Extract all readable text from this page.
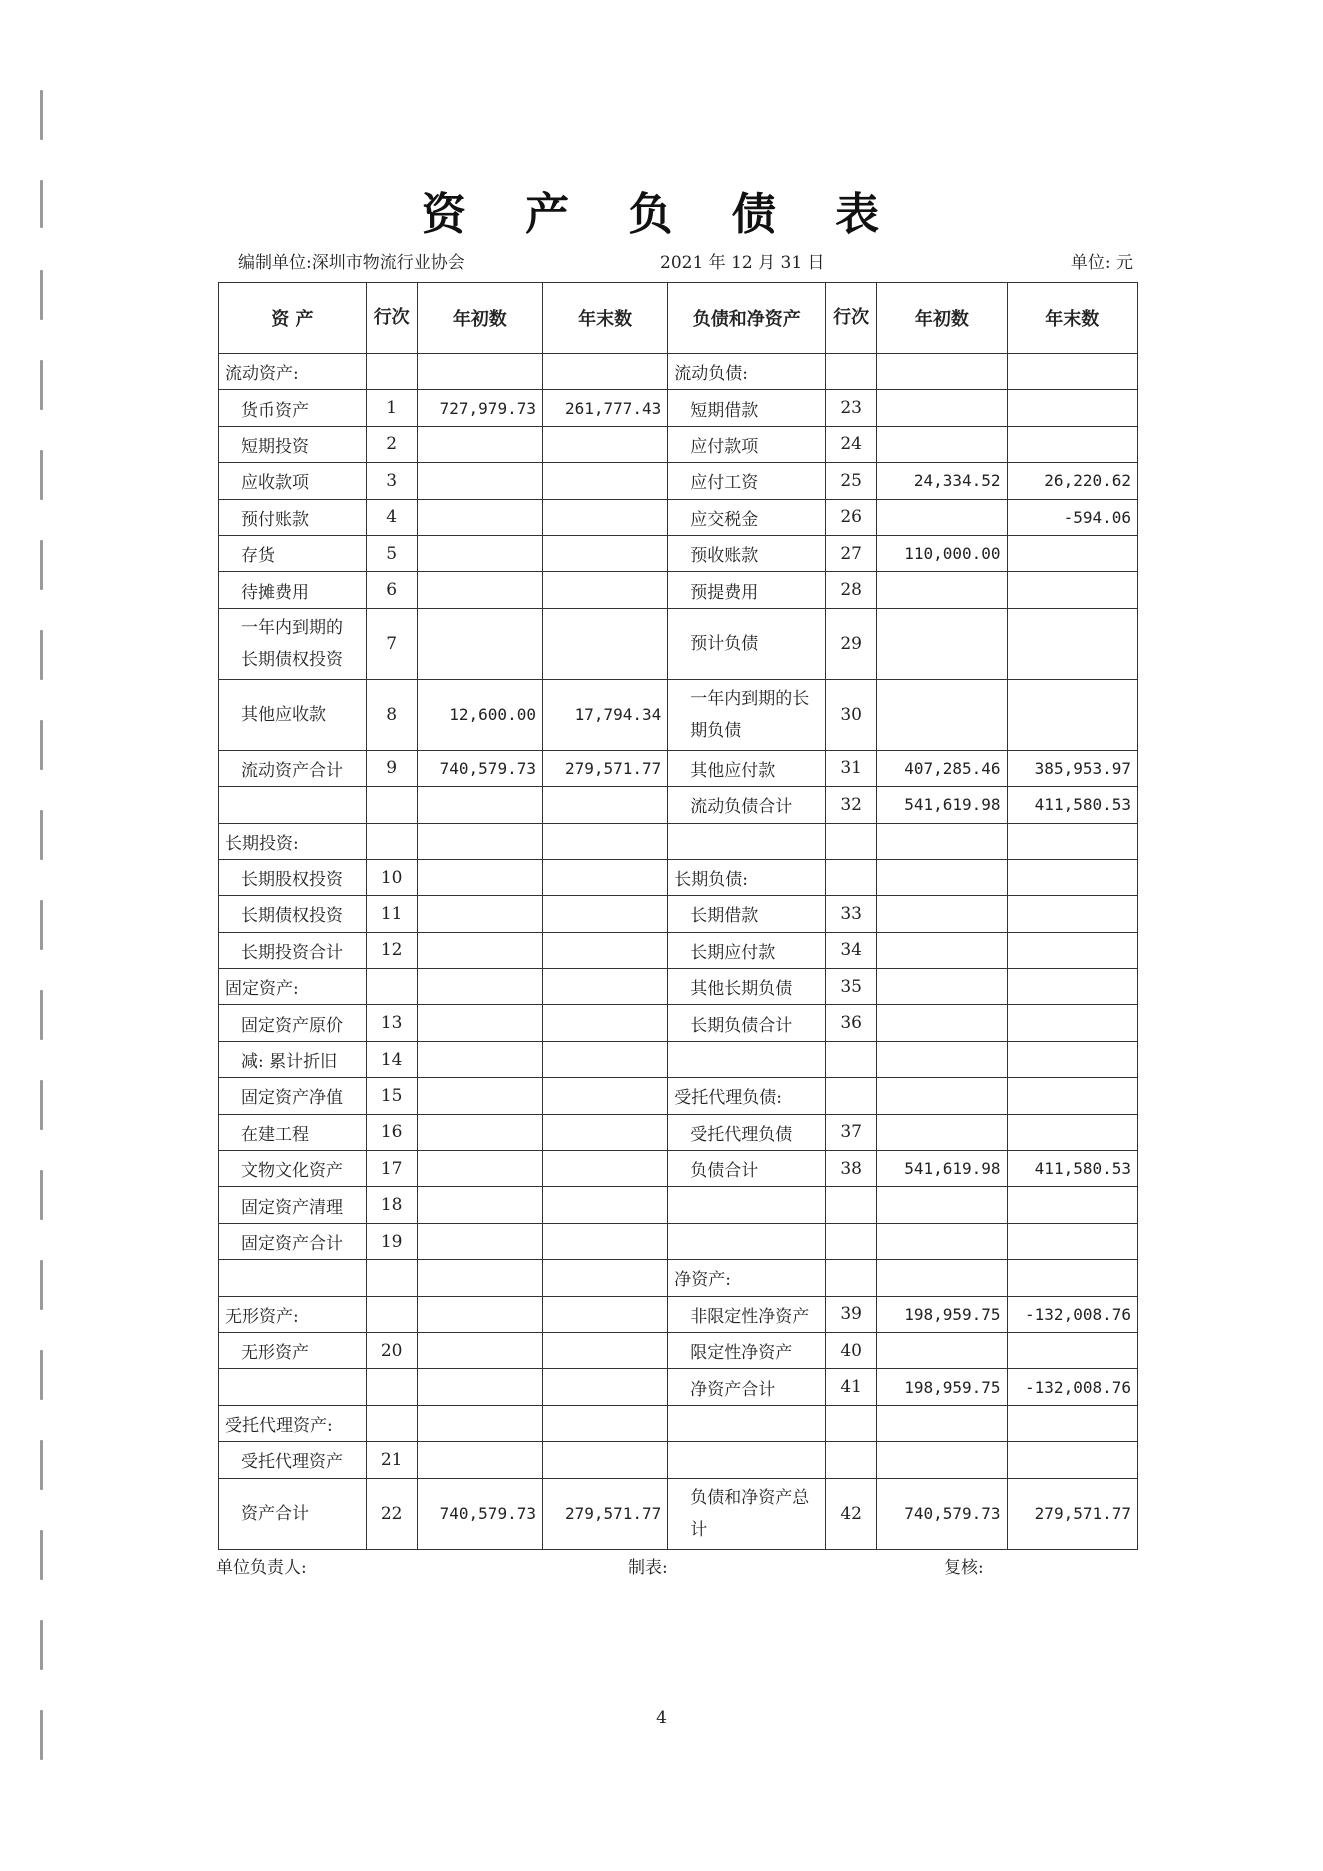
资 产 负 债 表
编制单位:深圳市物流行业协会	2021 年 12 月 31 日	单位: 元
资 产	行次	年初数	年末数	负债和净资产	行次	年初数	年末数
流动资产:				流动负债:			
货币资产	1	727,979.73	261,777.43	短期借款	23		
短期投资	2			应付款项	24		
应收款项	3			应付工资	25	24,334.52	26,220.62
预付账款	4			应交税金	26		-594.06
存货	5			预收账款	27	110,000.00	
待摊费用	6			预提费用	28		
一年内到期的长期债权投资	7			预计负债	29		
其他应收款	8	12,600.00	17,794.34	一年内到期的长期负债	30		
流动资产合计	9	740,579.73	279,571.77	其他应付款	31	407,285.46	385,953.97
				流动负债合计	32	541,619.98	411,580.53
长期投资:							
长期股权投资	10			长期负债:			
长期债权投资	11			长期借款	33		
长期投资合计	12			长期应付款	34		
固定资产:				其他长期负债	35		
固定资产原价	13			长期负债合计	36		
减: 累计折旧	14						
固定资产净值	15			受托代理负债:			
在建工程	16			受托代理负债	37		
文物文化资产	17			负债合计	38	541,619.98	411,580.53
固定资产清理	18						
固定资产合计	19						
				净资产:			
无形资产:				非限定性净资产	39	198,959.75	-132,008.76
无形资产	20			限定性净资产	40		
				净资产合计	41	198,959.75	-132,008.76
受托代理资产:							
受托代理资产	21						
资产合计	22	740,579.73	279,571.77	负债和净资产总计	42	740,579.73	279,571.77
单位负责人:	制表:	复核:
4
